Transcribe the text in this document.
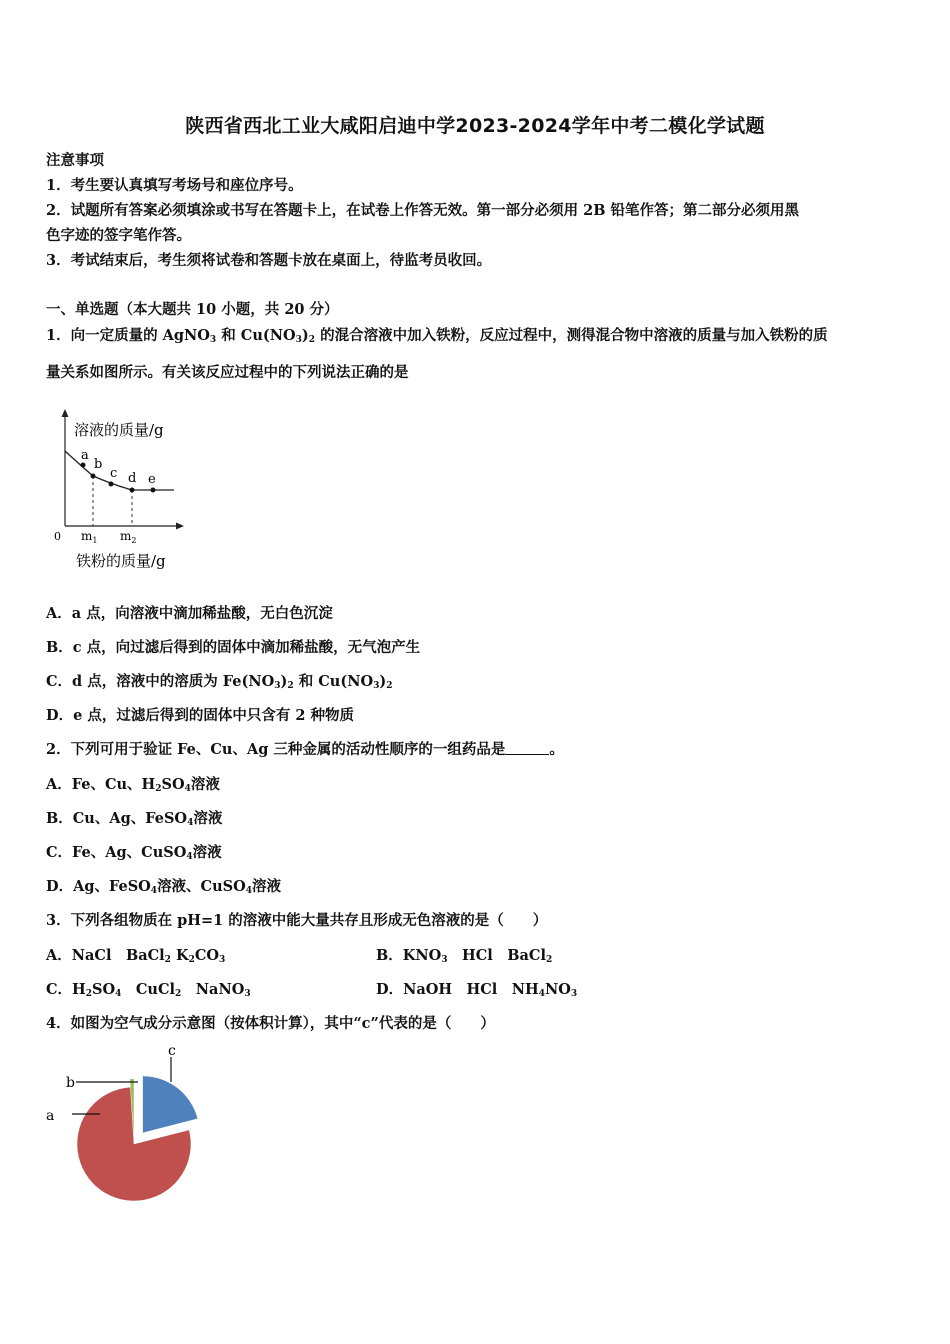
陕西省西北工业大咸阳启迪中学2023-2024学年中考二模化学试题
注意事项
1．考生要认真填写考场号和座位序号。
2．试题所有答案必须填涂或书写在答题卡上，在试卷上作答无效。第一部分必须用 2B 铅笔作答；第二部分必须用黑
色字迹的签字笔作答。
3．考试结束后，考生须将试卷和答题卡放在桌面上，待监考员收回。
一、单选题（本大题共 10 小题，共 20 分）
1．向一定质量的 AgNO$_3$ 和 $Cu(NO_3)_2$ 的混合溶液中加入铁粉，反应过程中，测得混合物中溶液的质量与加入铁粉的质
量关系如图所示。有关该反应过程中的下列说法正确的是
溶液的质量/g
0 $m_1$ $m_2$
铁粉的质量/g
a
b
c d e
A．a 点，向溶液中滴加稀盐酸，无白色沉淀
B．c 点，向过滤后得到的固体中滴加稀盐酸，无气泡产生
C．d 点，溶液中的溶质为 $Fe(NO_3)_2$ 和 $Cu(NO_3)_2$
D．e 点，过滤后得到的固体中只含有 2 种物质
2．下列可用于验证 Fe、Cu、Ag 三种金属的活动性顺序的一组药品是	。
A．Fe、Cu、$H_2SO_4$溶液
B．Cu、Ag、FeSO$_4$溶液
C．Fe、Ag、CuSO$_4$溶液
D．Ag、FeSO$_4$溶液、CuSO$_4$溶液
3．下列各组物质在 pH=1 的溶液中能大量共存且形成无色溶液的是（　　）
A．NaCl　BaCl$_2$ $K_2CO_3$	B．$KNO_3$　HCl　BaCl$_2$
C．$H_2SO_4$　CuCl$_2$　NaNO$_3$	D．NaOH　HCl　$NH_4NO_3$
4．如图为空气成分示意图（按体积计算），其中“c”代表的是（　　）
a
b
c
